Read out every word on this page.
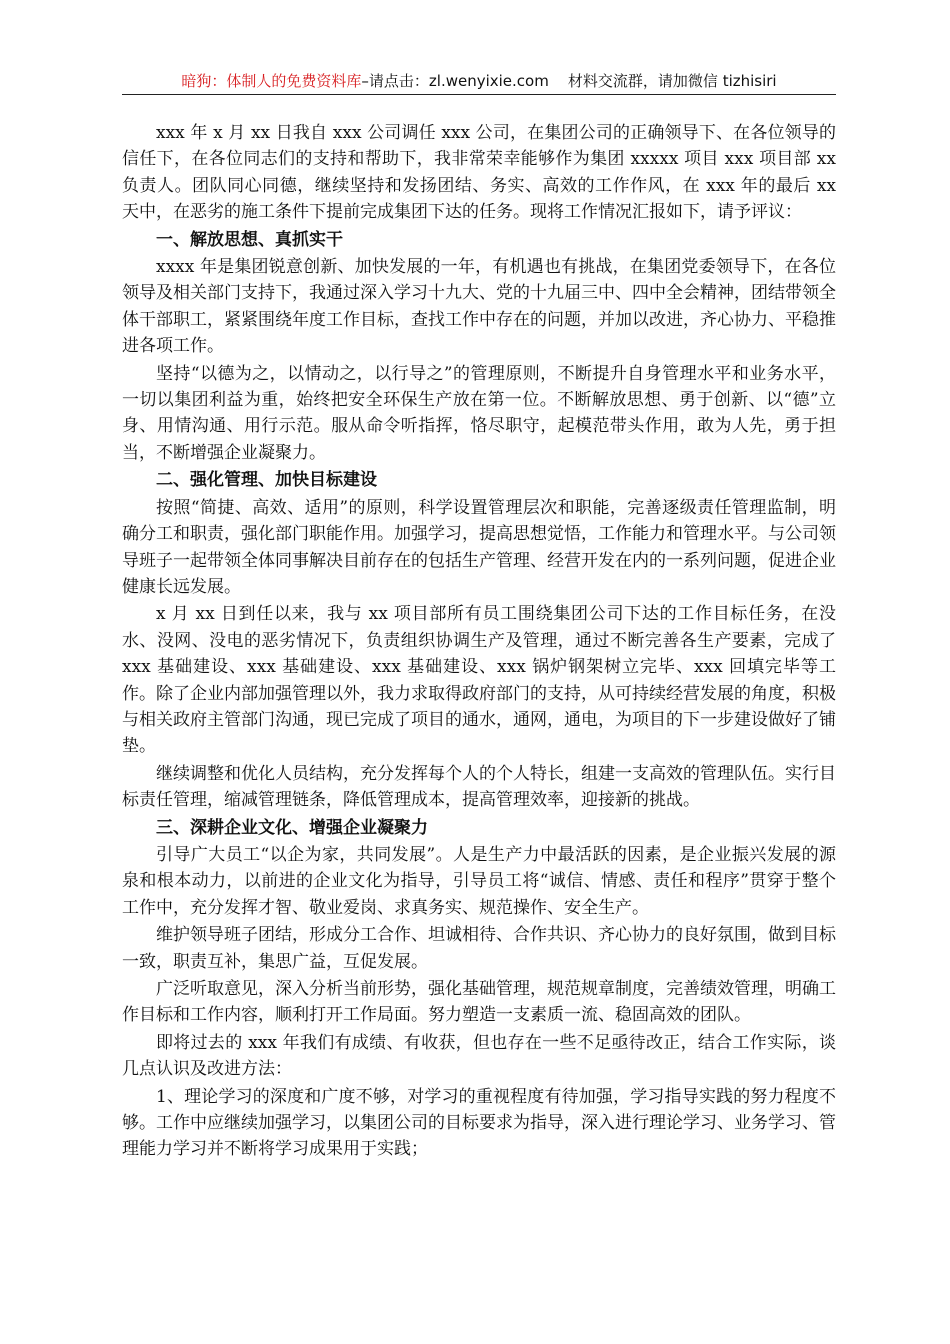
暗狗：体制人的免费资料库–请点击：zl.wenyixie.com 材料交流群，请加微信 tizhisiri

xxx 年 x 月 xx 日我自 xxx 公司调任 xxx 公司，在集团公司的正确领导下、在各位领导的信任下，在各位同志们的支持和帮助下，我非常荣幸能够作为集团 xxxxx 项目 xxx 项目部 xx 负责人。团队同心同德，继续坚持和发扬团结、务实、高效的工作作风，在 xxx 年的最后 xx 天中，在恶劣的施工条件下提前完成集团下达的任务。现将工作情况汇报如下，请予评议：

一、解放思想、真抓实干

xxxx 年是集团锐意创新、加快发展的一年，有机遇也有挑战，在集团党委领导下，在各位领导及相关部门支持下，我通过深入学习十九大、党的十九届三中、四中全会精神，团结带领全体干部职工，紧紧围绕年度工作目标，查找工作中存在的问题，并加以改进，齐心协力、平稳推进各项工作。

坚持“以德为之，以情动之，以行导之”的管理原则，不断提升自身管理水平和业务水平，一切以集团利益为重，始终把安全环保生产放在第一位。不断解放思想、勇于创新、以“德”立身、用情沟通、用行示范。服从命令听指挥，恪尽职守，起模范带头作用，敢为人先，勇于担当，不断增强企业凝聚力。

二、强化管理、加快目标建设

按照“简捷、高效、适用”的原则，科学设置管理层次和职能，完善逐级责任管理监制，明确分工和职责，强化部门职能作用。加强学习，提高思想觉悟，工作能力和管理水平。与公司领导班子一起带领全体同事解决目前存在的包括生产管理、经营开发在内的一系列问题，促进企业健康长远发展。

x 月 xx 日到任以来，我与 xx 项目部所有员工围绕集团公司下达的工作目标任务，在没水、没网、没电的恶劣情况下，负责组织协调生产及管理，通过不断完善各生产要素，完成了 xxx 基础建设、xxx 基础建设、xxx 基础建设、xxx 锅炉钢架树立完毕、xxx 回填完毕等工作。除了企业内部加强管理以外，我力求取得政府部门的支持，从可持续经营发展的角度，积极与相关政府主管部门沟通，现已完成了项目的通水，通网，通电，为项目的下一步建设做好了铺垫。

继续调整和优化人员结构，充分发挥每个人的个人特长，组建一支高效的管理队伍。实行目标责任管理，缩减管理链条，降低管理成本，提高管理效率，迎接新的挑战。

三、深耕企业文化、增强企业凝聚力

引导广大员工“以企为家，共同发展”。人是生产力中最活跃的因素，是企业振兴发展的源泉和根本动力，以前进的企业文化为指导，引导员工将“诚信、情感、责任和程序”贯穿于整个工作中，充分发挥才智、敬业爱岗、求真务实、规范操作、安全生产。

维护领导班子团结，形成分工合作、坦诚相待、合作共识、齐心协力的良好氛围，做到目标一致，职责互补，集思广益，互促发展。

广泛听取意见，深入分析当前形势，强化基础管理，规范规章制度，完善绩效管理，明确工作目标和工作内容，顺利打开工作局面。努力塑造一支素质一流、稳固高效的团队。

即将过去的 xxx 年我们有成绩、有收获，但也存在一些不足亟待改正，结合工作实际，谈几点认识及改进方法：

1、理论学习的深度和广度不够，对学习的重视程度有待加强，学习指导实践的努力程度不够。工作中应继续加强学习，以集团公司的目标要求为指导，深入进行理论学习、业务学习、管理能力学习并不断将学习成果用于实践；
